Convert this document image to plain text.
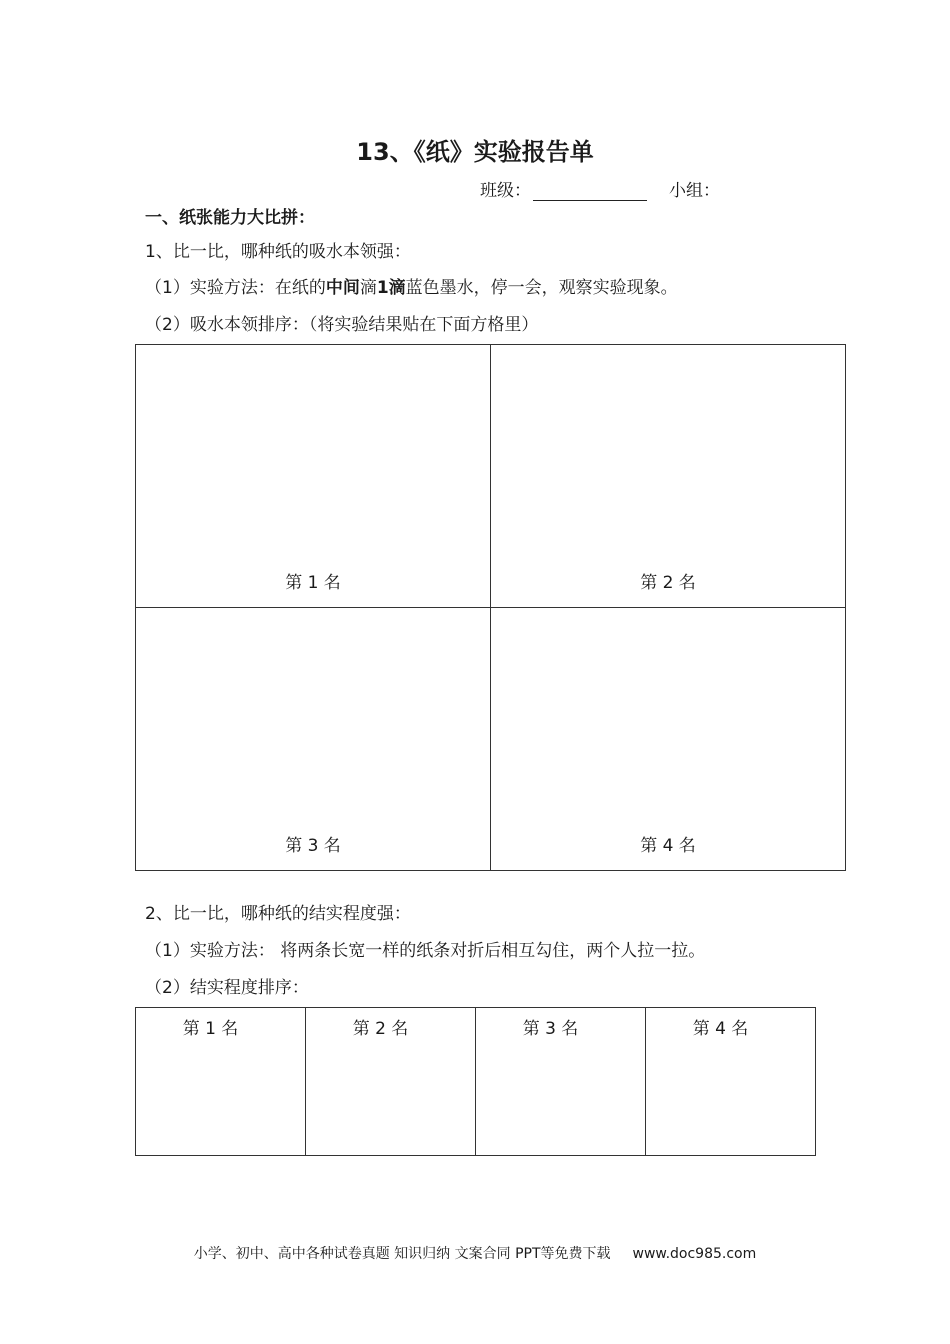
13、《纸》实验报告单
班级：	小组：
一、纸张能力大比拼：
1、比一比，哪种纸的吸水本领强：
（1）实验方法：在纸的中间滴1滴蓝色墨水，停一会，观察实验现象。
（2）吸水本领排序：（将实验结果贴在下面方格里）
第 1 名	第 2 名
第 3 名	第 4 名
2、比一比，哪种纸的结实程度强：
（1）实验方法： 将两条长宽一样的纸条对折后相互勾住，两个人拉一拉。
（2）结实程度排序：
第 1 名	第 2 名	第 3 名	第 4 名
小学、初中、高中各种试卷真题 知识归纳 文案合同 PPT等免费下载 www.doc985.com
